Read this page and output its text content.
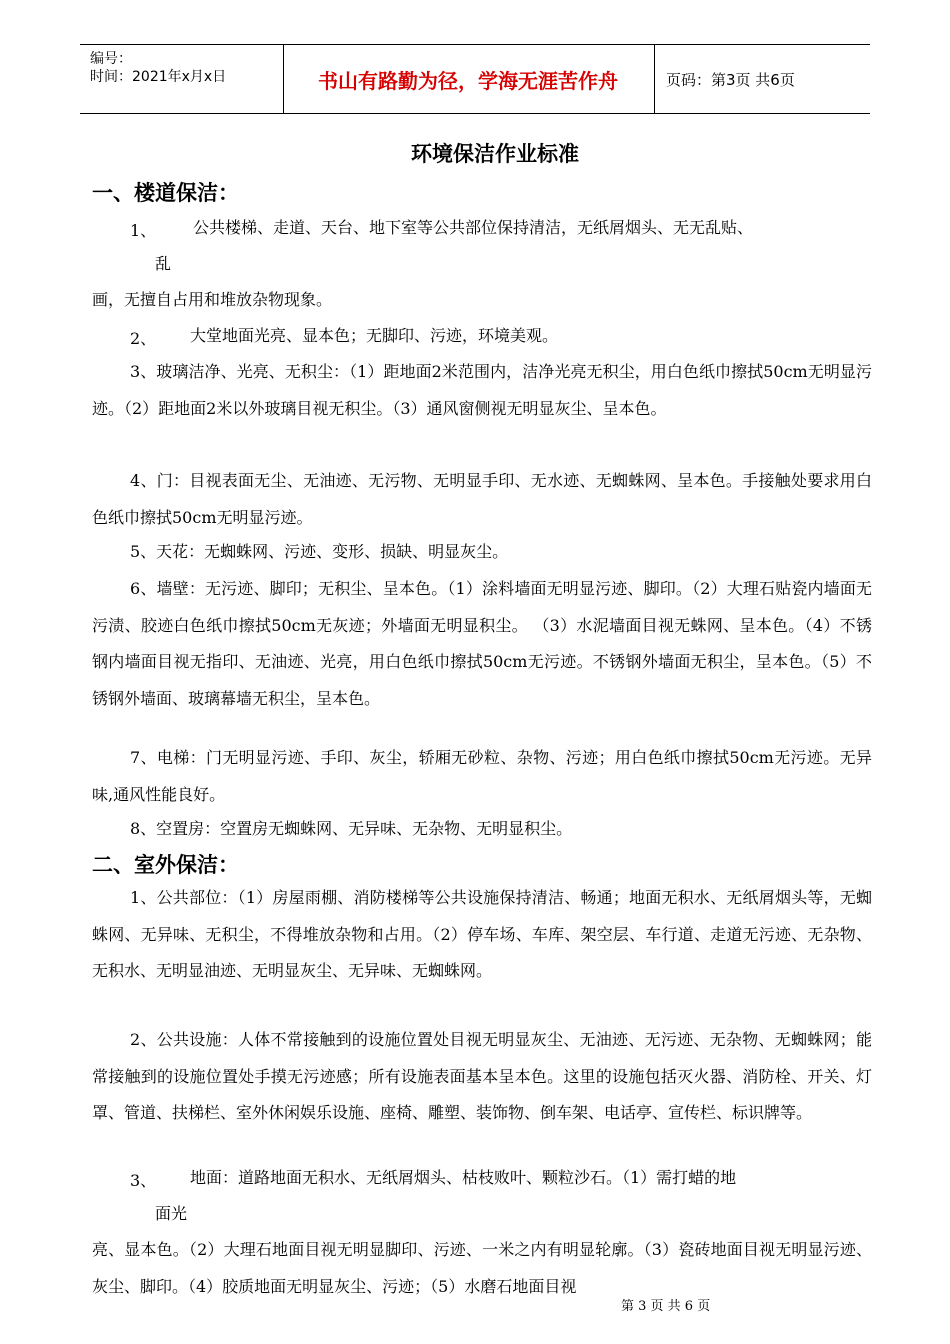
编号：
时间：2021年x月x日	书山有路勤为径，学海无涯苦作舟	页码：第3页 共6页
环境保洁作业标准
一、楼道保洁：
1、 公共楼梯、走道、天台、地下室等公共部位保持清洁，无纸屑烟头、无无乱贴、
乱
画，无擅自占用和堆放杂物现象。
2、 大堂地面光亮、显本色；无脚印、污迹，环境美观。
3、玻璃洁净、光亮、无积尘：（1）距地面2米范围内，洁净光亮无积尘，用白色纸巾擦拭50cm无明显污迹。（2）距地面2米以外玻璃目视无积尘。（3）通风窗侧视无明显灰尘、呈本色。
4、门：目视表面无尘、无油迹、无污物、无明显手印、无水迹、无蜘蛛网、呈本色。手接触处要求用白色纸巾擦拭50cm无明显污迹。
5、天花：无蜘蛛网、污迹、变形、损缺、明显灰尘。
6、墙壁：无污迹、脚印；无积尘、呈本色。（1）涂料墙面无明显污迹、脚印。（2）大理石贴瓷内墙面无污渍、胶迹白色纸巾擦拭50cm无灰迹；外墙面无明显积尘。 （3）水泥墙面目视无蛛网、呈本色。（4）不锈钢内墙面目视无指印、无油迹、光亮，用白色纸巾擦拭50cm无污迹。不锈钢外墙面无积尘，呈本色。（5）不锈钢外墙面、玻璃幕墙无积尘，呈本色。
7、电梯：门无明显污迹、手印、灰尘，轿厢无砂粒、杂物、污迹；用白色纸巾擦拭50cm无污迹。无异味,通风性能良好。
8、空置房：空置房无蜘蛛网、无异味、无杂物、无明显积尘。
二、室外保洁：
1、公共部位：（1）房屋雨棚、消防楼梯等公共设施保持清洁、畅通；地面无积水、无纸屑烟头等，无蜘蛛网、无异味、无积尘，不得堆放杂物和占用。（2）停车场、车库、架空层、车行道、走道无污迹、无杂物、无积水、无明显油迹、无明显灰尘、无异味、无蜘蛛网。
2、公共设施：人体不常接触到的设施位置处目视无明显灰尘、无油迹、无污迹、无杂物、无蜘蛛网；能常接触到的设施位置处手摸无污迹感；所有设施表面基本呈本色。这里的设施包括灭火器、消防栓、开关、灯罩、管道、扶梯栏、室外休闲娱乐设施、座椅、雕塑、装饰物、倒车架、电话亭、宣传栏、标识牌等。
3、 地面：道路地面无积水、无纸屑烟头、枯枝败叶、颗粒沙石。（1）需打蜡的地
面光
亮、显本色。（2）大理石地面目视无明显脚印、污迹、一米之内有明显轮廓。（3）瓷砖地面目视无明显污迹、灰尘、脚印。（4）胶质地面无明显灰尘、污迹；（5）水磨石地面目视
第 3 页 共 6 页
